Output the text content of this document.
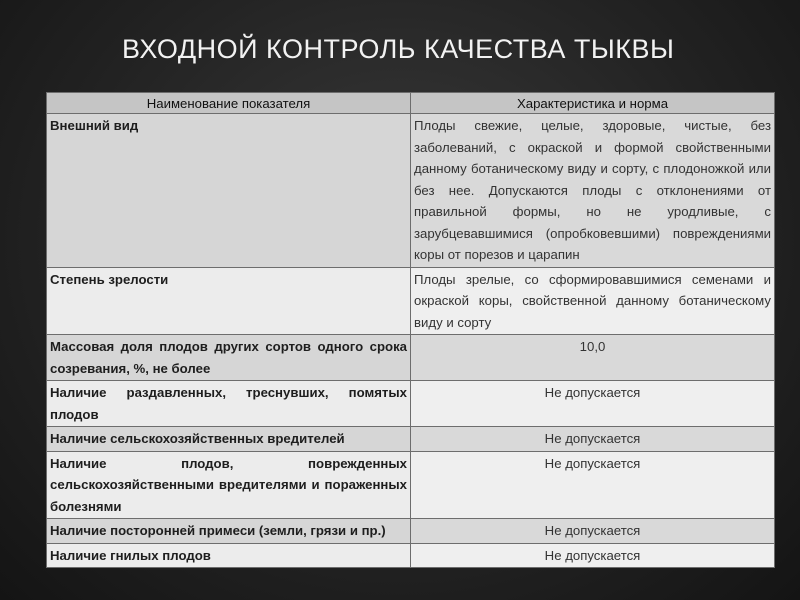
ВХОДНОЙ КОНТРОЛЬ КАЧЕСТВА ТЫКВЫ
Наименование показателя	Характеристика и норма
Внешний вид	Плоды свежие, целые, здоровые, чистые, без заболеваний, с окраской и формой свойственными данному ботаническому виду и сорту, с плодоножкой или без нее. Допускаются плоды с отклонениями от правильной формы, но не уродливые, с зарубцевавшимися (опробковевшими) повреждениями коры от порезов и царапин
Степень зрелости	Плоды зрелые, со сформировавшимися семенами и окраской коры, свойственной данному ботаническому виду и сорту
Массовая доля плодов других сортов одного срока созревания, %, не более	10,0
Наличие раздавленных, треснувших, помятых плодов	Не допускается
Наличие сельскохозяйственных вредителей	Не допускается
Наличие плодов, поврежденных сельскохозяйственными вредителями и пораженных болезнями	Не допускается
Наличие посторонней примеси (земли, грязи и пр.)	Не допускается
Наличие гнилых плодов	Не допускается
